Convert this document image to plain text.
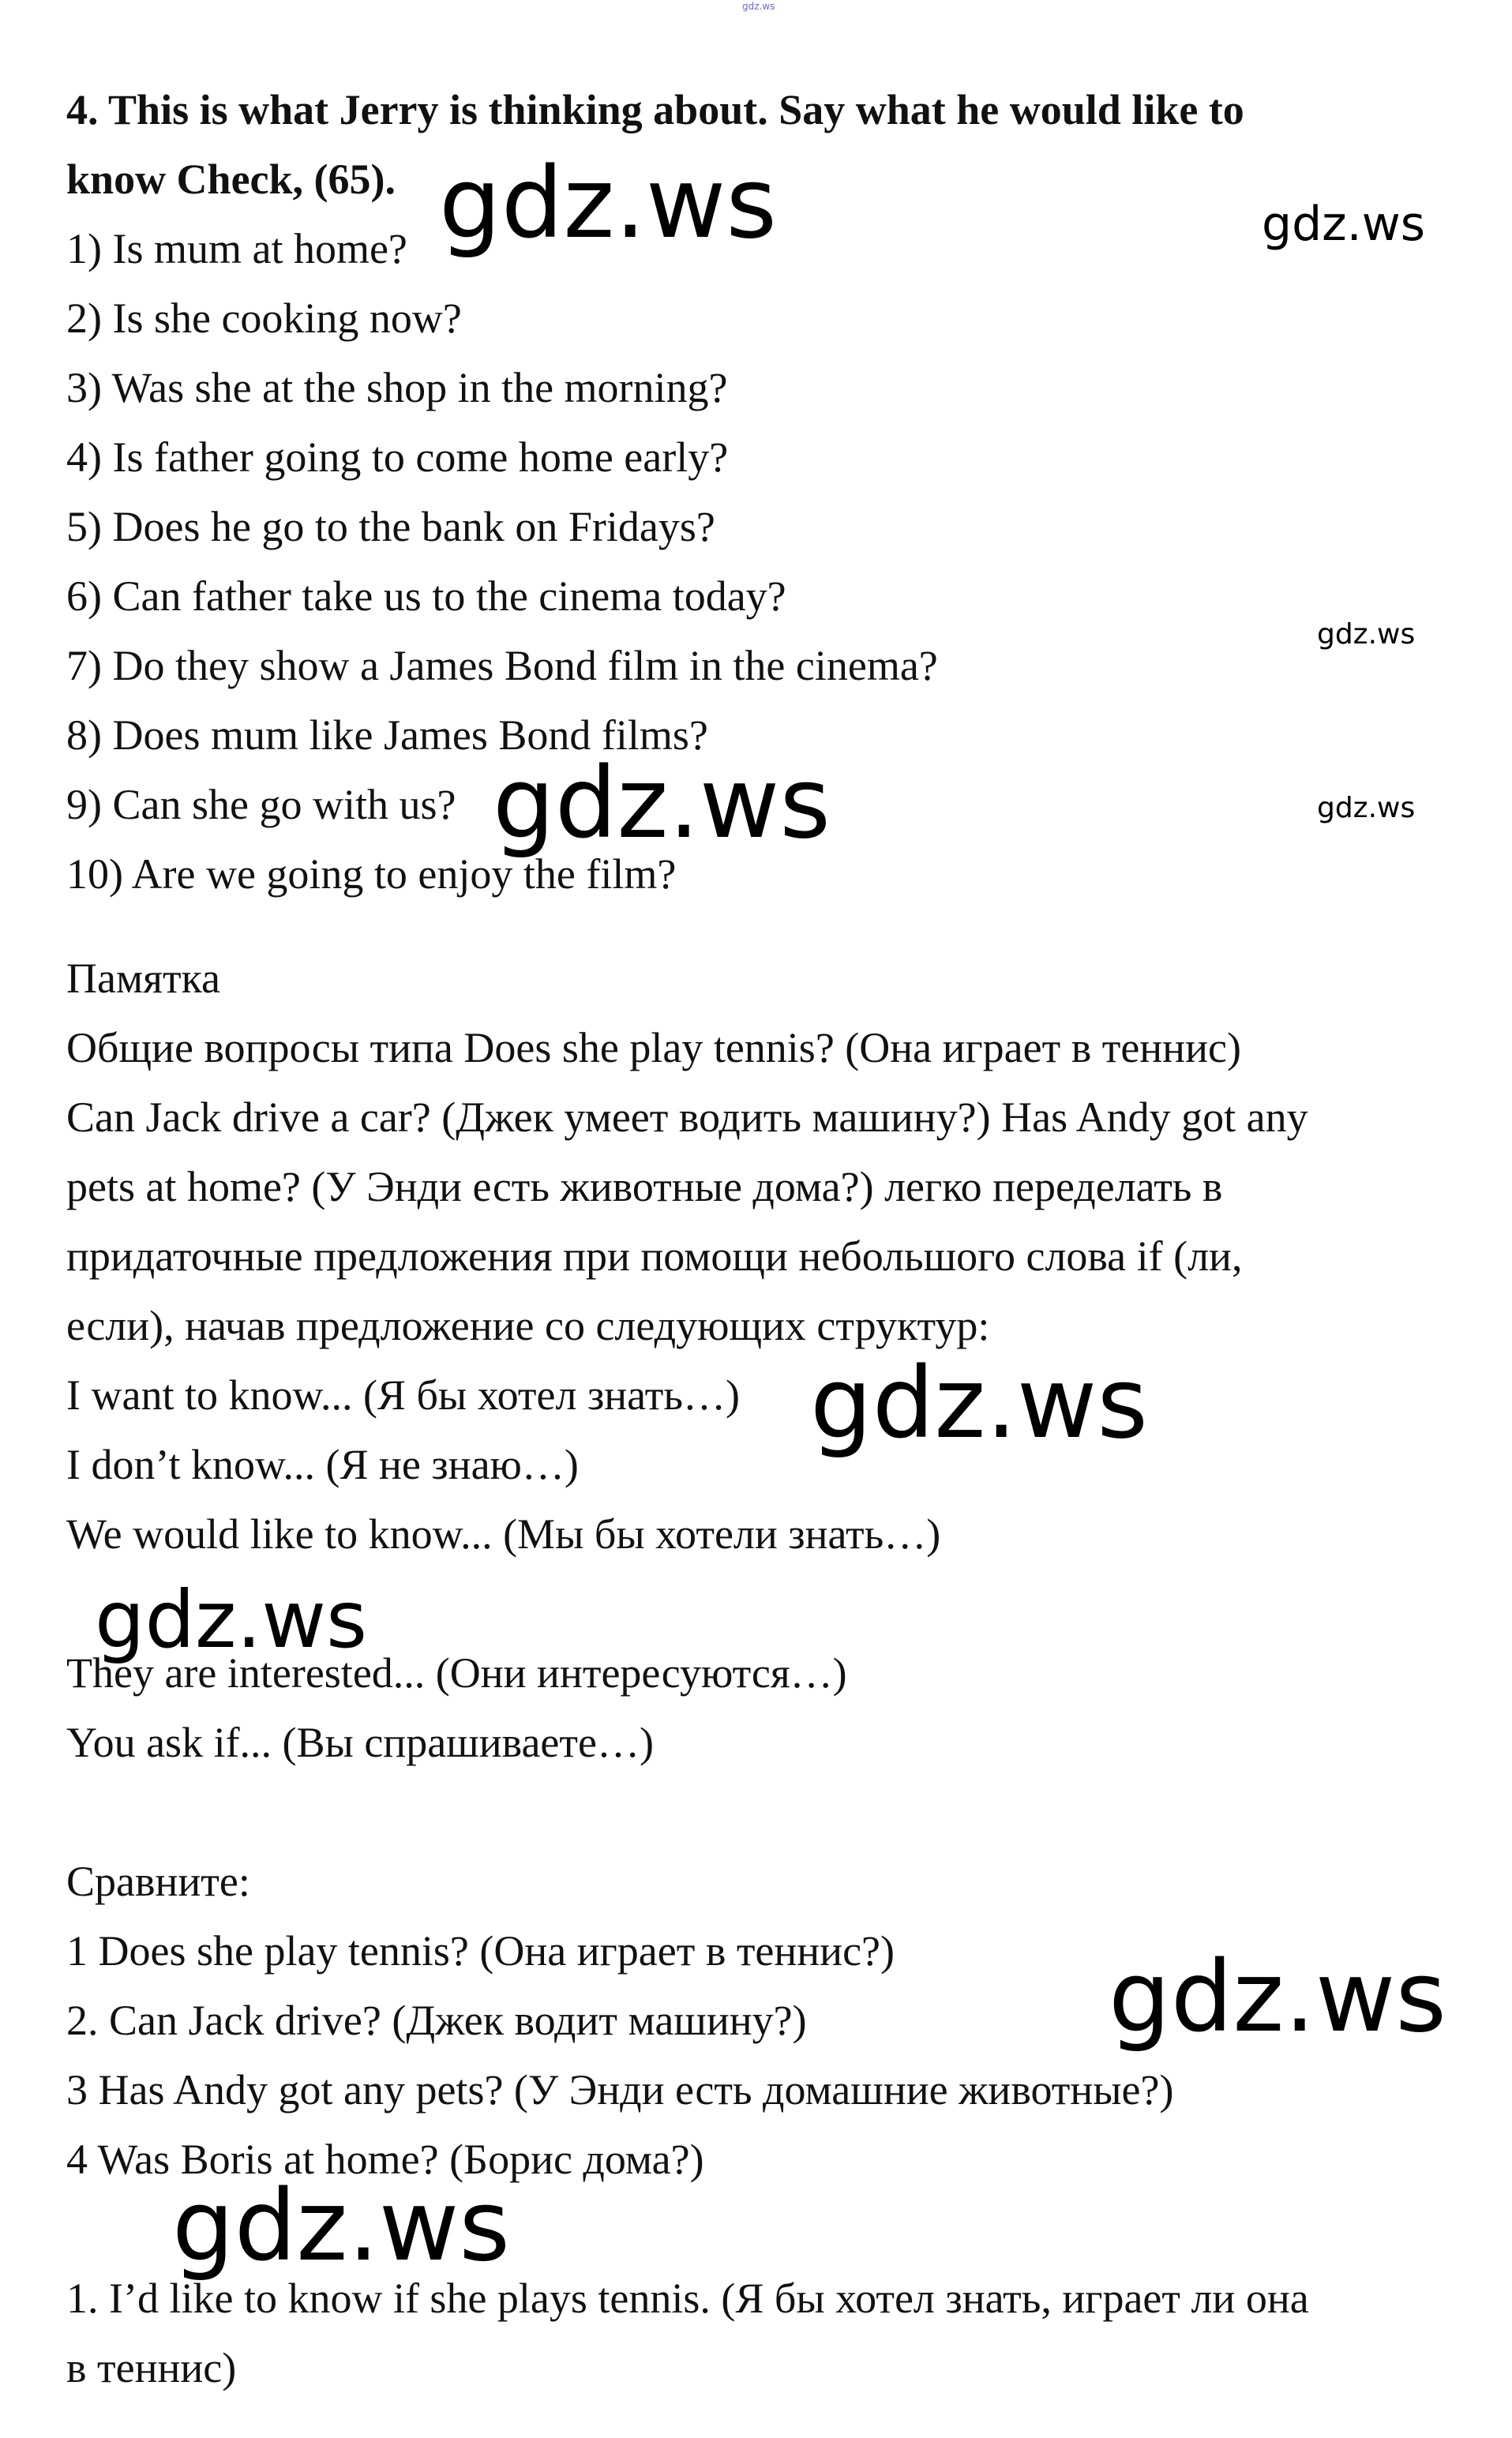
gdz.ws
4. This is what Jerry is thinking about. Say what he would like to
know Check, (65).
1) Is mum at home?
2) Is she cooking now?
3) Was she at the shop in the morning?
4) Is father going to come home early?
5) Does he go to the bank on Fridays?
6) Can father take us to the cinema today?
7) Do they show a James Bond film in the cinema?
8) Does mum like James Bond films?
9) Can she go with us?
10) Are we going to enjoy the film?
Памятка
Общие вопросы типа Does she play tennis? (Она играет в теннис)
Can Jack drive a car? (Джек умеет водить машину?) Has Andy got any
pets at home? (У Энди есть животные дома?) легко переделать в
придаточные предложения при помощи небольшого слова if (ли,
если), начав предложение со следующих структур:
I want to know... (Я бы хотел знать…)
I don’t know... (Я не знаю…)
We would like to know... (Мы бы хотели знать…)
They are interested... (Они интересуются…)
You ask if... (Вы спрашиваете…)
Сравните:
1 Does she play tennis? (Она играет в теннис?)
2. Can Jack drive? (Джек водит машину?)
3 Has Andy got any pets? (У Энди есть домашние животные?)
4 Was Boris at home? (Борис дома?)
1. I’d like to know if she plays tennis. (Я бы хотел знать, играет ли она
в теннис)
gdz.ws	gdz.ws
gdz.ws
gdz.ws	gdz.ws
gdz.ws
gdz.ws
gdz.ws
gdz.ws
